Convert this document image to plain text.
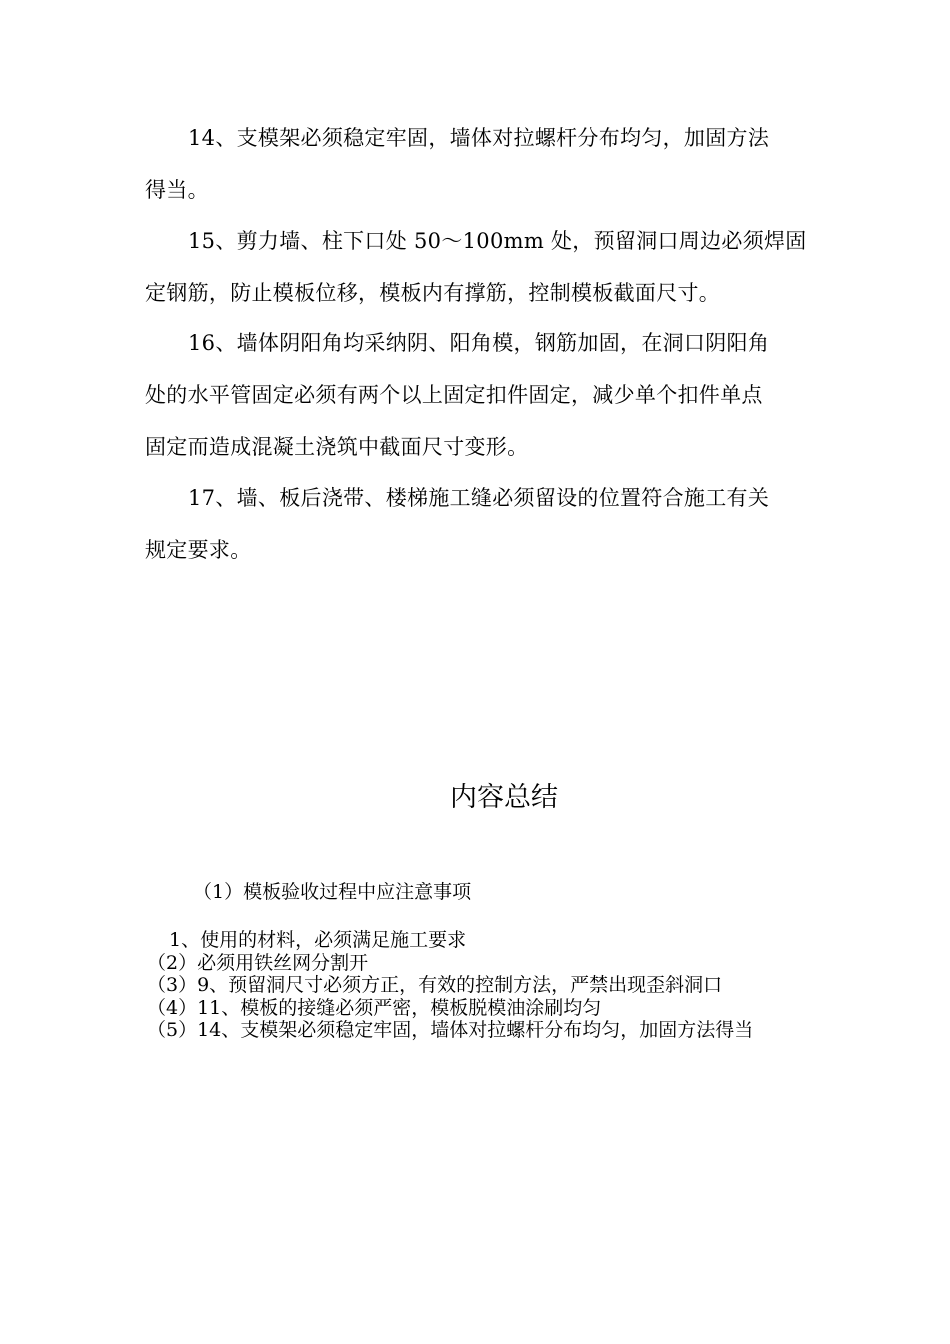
14、支模架必须稳定牢固，墙体对拉螺杆分布均匀，加固方法
得当。
15、剪力墙、柱下口处 50～100mm 处，预留洞口周边必须焊固
定钢筋，防止模板位移，模板内有撑筋，控制模板截面尺寸。
16、墙体阴阳角均采纳阴、阳角模，钢筋加固，在洞口阴阳角
处的水平管固定必须有两个以上固定扣件固定，减少单个扣件单点
固定而造成混凝土浇筑中截面尺寸变形。
17、墙、板后浇带、楼梯施工缝必须留设的位置符合施工有关
规定要求。
内容总结
（1）模板验收过程中应注意事项
1、使用的材料，必须满足施工要求
（2）必须用铁丝网分割开
（3）9、预留洞尺寸必须方正，有效的控制方法，严禁出现歪斜洞口
（4）11、模板的接缝必须严密，模板脱模油涂刷均匀
（5）14、支模架必须稳定牢固，墙体对拉螺杆分布均匀，加固方法得当
